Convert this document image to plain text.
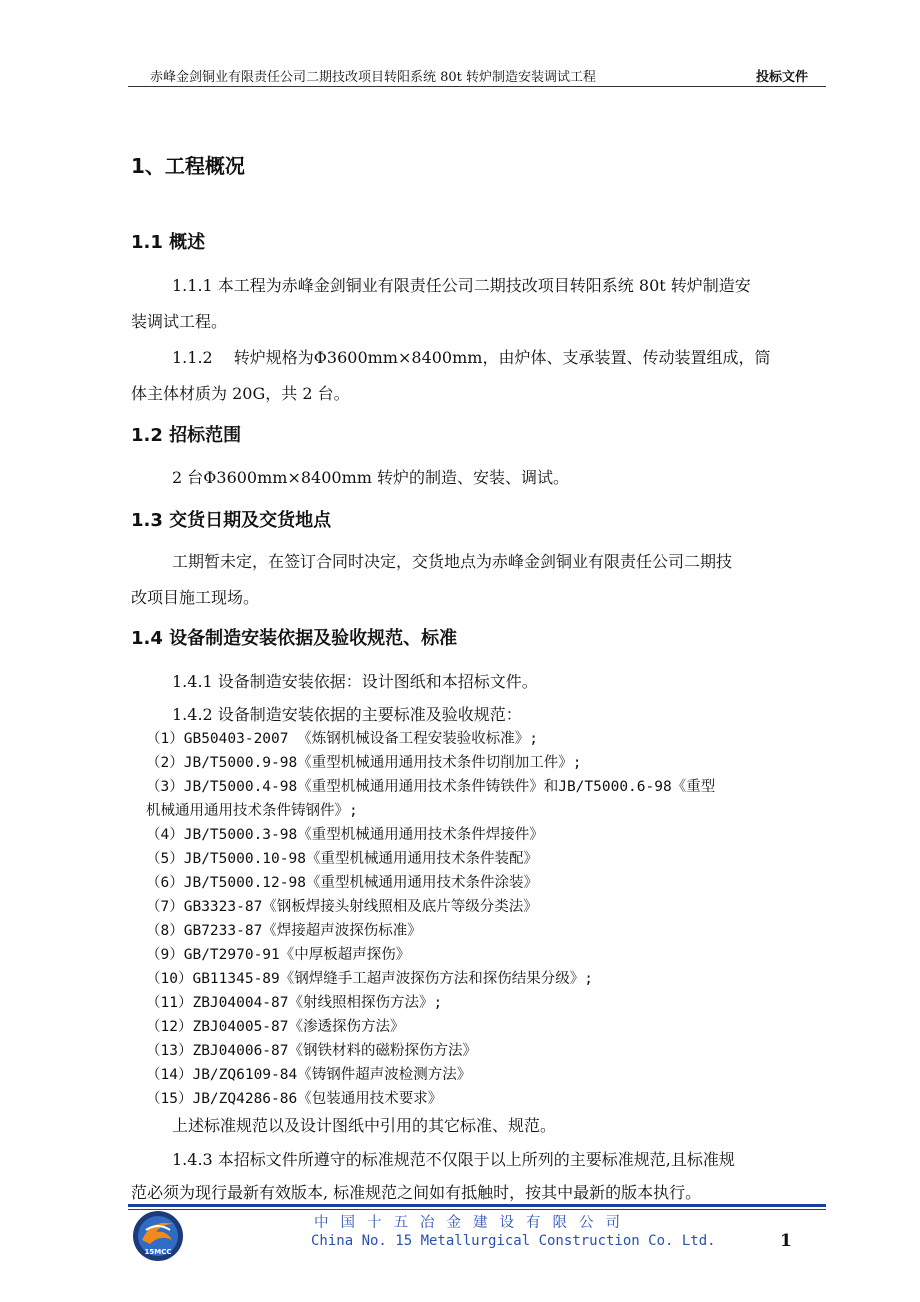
赤峰金剑铜业有限责任公司二期技改项目转阳系统 80t 转炉制造安装调试工程	投标文件
1、工程概况
1.1 概述
1.1.1 本工程为赤峰金剑铜业有限责任公司二期技改项目转阳系统 80t 转炉制造安
装调试工程。
1.1.2　 转炉规格为Φ3600mm×8400mm，由炉体、支承装置、传动装置组成，筒
体主体材质为 20G，共 2 台。
1.2 招标范围
2 台Φ3600mm×8400mm 转炉的制造、安装、调试。
1.3 交货日期及交货地点
工期暂未定，在签订合同时决定，交货地点为赤峰金剑铜业有限责任公司二期技
改项目施工现场。
1.4 设备制造安装依据及验收规范、标准
1.4.1 设备制造安装依据：设计图纸和本招标文件。
1.4.2 设备制造安装依据的主要标准及验收规范：
（1）GB50403-2007 《炼钢机械设备工程安装验收标准》;
（2）JB/T5000.9-98《重型机械通用通用技术条件切削加工件》;
（3）JB/T5000.4-98《重型机械通用通用技术条件铸铁件》和JB/T5000.6-98《重型
机械通用通用技术条件铸钢件》;
（4）JB/T5000.3-98《重型机械通用通用技术条件焊接件》
（5）JB/T5000.10-98《重型机械通用通用技术条件装配》
（6）JB/T5000.12-98《重型机械通用通用技术条件涂装》
（7）GB3323-87《钢板焊接头射线照相及底片等级分类法》
（8）GB7233-87《焊接超声波探伤标准》
（9）GB/T2970-91《中厚板超声探伤》
（10）GB11345-89《钢焊缝手工超声波探伤方法和探伤结果分级》;
（11）ZBJ04004-87《射线照相探伤方法》;
（12）ZBJ04005-87《渗透探伤方法》
（13）ZBJ04006-87《钢铁材料的磁粉探伤方法》
（14）JB/ZQ6109-84《铸钢件超声波检测方法》
（15）JB/ZQ4286-86《包装通用技术要求》
上述标准规范以及设计图纸中引用的其它标准、规范。
1.4.3 本招标文件所遵守的标准规范不仅限于以上所列的主要标准规范,且标准规
范必须为现行最新有效版本, 标准规范之间如有抵触时，按其中最新的版本执行。
15MCC
中国十五冶金建设有限公司
China No. 15 Metallurgical Construction Co. Ltd.	1
